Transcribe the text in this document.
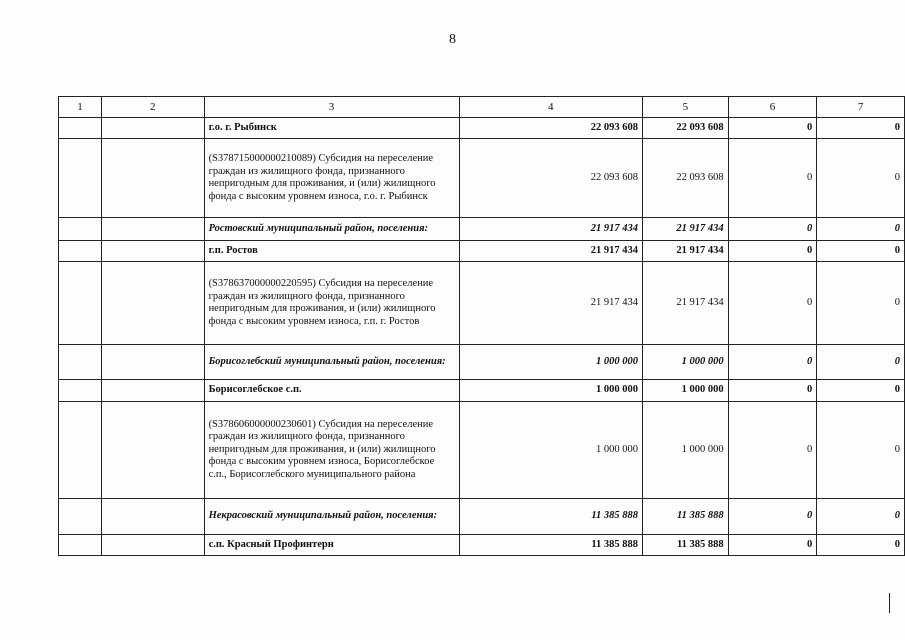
8
1	2	3	4	5	6	7
		г.о. г. Рыбинск	22 093 608	22 093 608	0	0
		(S378715000000210089) Субсидия на переселение граждан из жилищного фонда, признанного непригодным для проживания, и (или) жилищного фонда с высоким уровнем износа, г.о. г. Рыбинск	22 093 608	22 093 608	0	0
		Ростовский муниципальный район, поселения:	21 917 434	21 917 434	0	0
		г.п. Ростов	21 917 434	21 917 434	0	0
		(S378637000000220595) Субсидия на переселение граждан из жилищного фонда, признанного непригодным для проживания, и (или) жилищного фонда с высоким уровнем износа, г.п. г. Ростов	21 917 434	21 917 434	0	0
		Борисоглебский муниципальный район, поселения:	1 000 000	1 000 000	0	0
		Борисоглебское с.п.	1 000 000	1 000 000	0	0
		(S378606000000230601) Субсидия на переселение граждан из жилищного фонда, признанного непригодным для проживания, и (или) жилищного фонда с высоким уровнем износа, Борисоглебское с.п., Борисоглебского муниципального района	1 000 000	1 000 000	0	0
		Некрасовский муниципальный район, поселения:	11 385 888	11 385 888	0	0
		с.п. Красный Профинтерн	11 385 888	11 385 888	0	0
